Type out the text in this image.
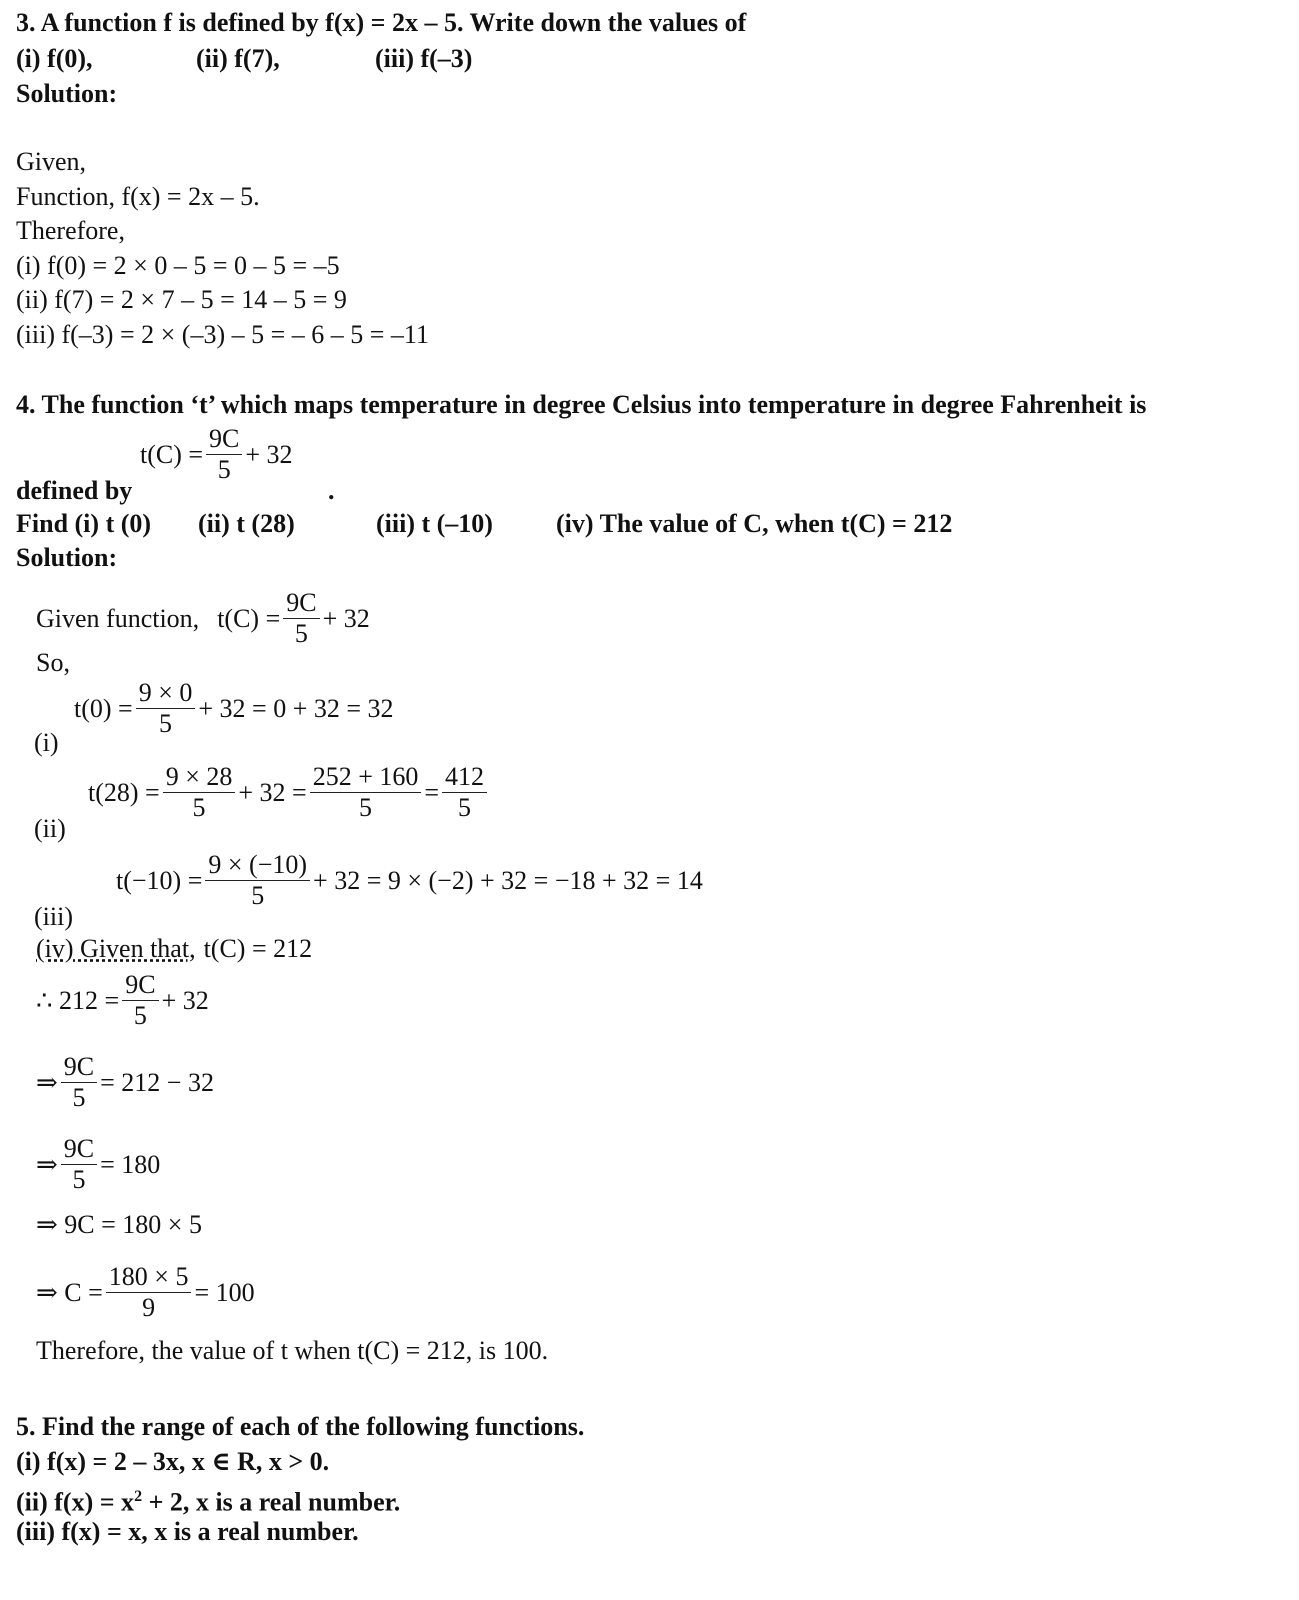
3. A function f is defined by f(x) = 2x – 5. Write down the values of
(i) f(0),	(ii) f(7),	(iii) f(–3)
Solution:
Given,
Function, f(x) = 2x – 5.
Therefore,
(i) f(0) = 2 × 0 – 5 = 0 – 5 = –5
(ii) f(7) = 2 × 7 – 5 = 14 – 5 = 9
(iii) f(–3) = 2 × (–3) – 5 = – 6 – 5 = –11
4. The function ‘t’ which maps temperature in degree Celsius into temperature in degree Fahrenheit is
$t(C) = \frac{9C}{5} + 32$
defined by	.
Find (i) t (0) (ii) t (28)	(iii) t (–10) (iv) The value of C, when t(C) = 212
Solution:
Given function, $t(C) = \frac{9C}{5} + 32$
So,
$t(0) = \frac{9 \times 0}{5} + 32 = 0 + 32 = 32$
(i)
$t(28) = \frac{9 \times 28}{5} + 32 = \frac{252 + 160}{5} = \frac{412}{5}$
(ii)
$t(-10) = \frac{9 \times (-10)}{5} + 32 = 9 \times (-2) + 32 = -18 + 32 = 14$
(iii)
(iv) Given that, t(C) = 212
∴ $212 = \frac{9C}{5} + 32$
⇒ $\frac{9C}{5} = 212 - 32$
⇒ $\frac{9C}{5} = 180$
⇒ 9C = 180 × 5
⇒ $C = \frac{180 \times 5}{9} = 100$
Therefore, the value of t when t(C) = 212, is 100.
5. Find the range of each of the following functions.
(i) f(x) = 2 – 3x, x ∈ R, x > 0.
(ii) $f(x) = x^2 + 2$, x is a real number.
(iii) f(x) = x, x is a real number.
